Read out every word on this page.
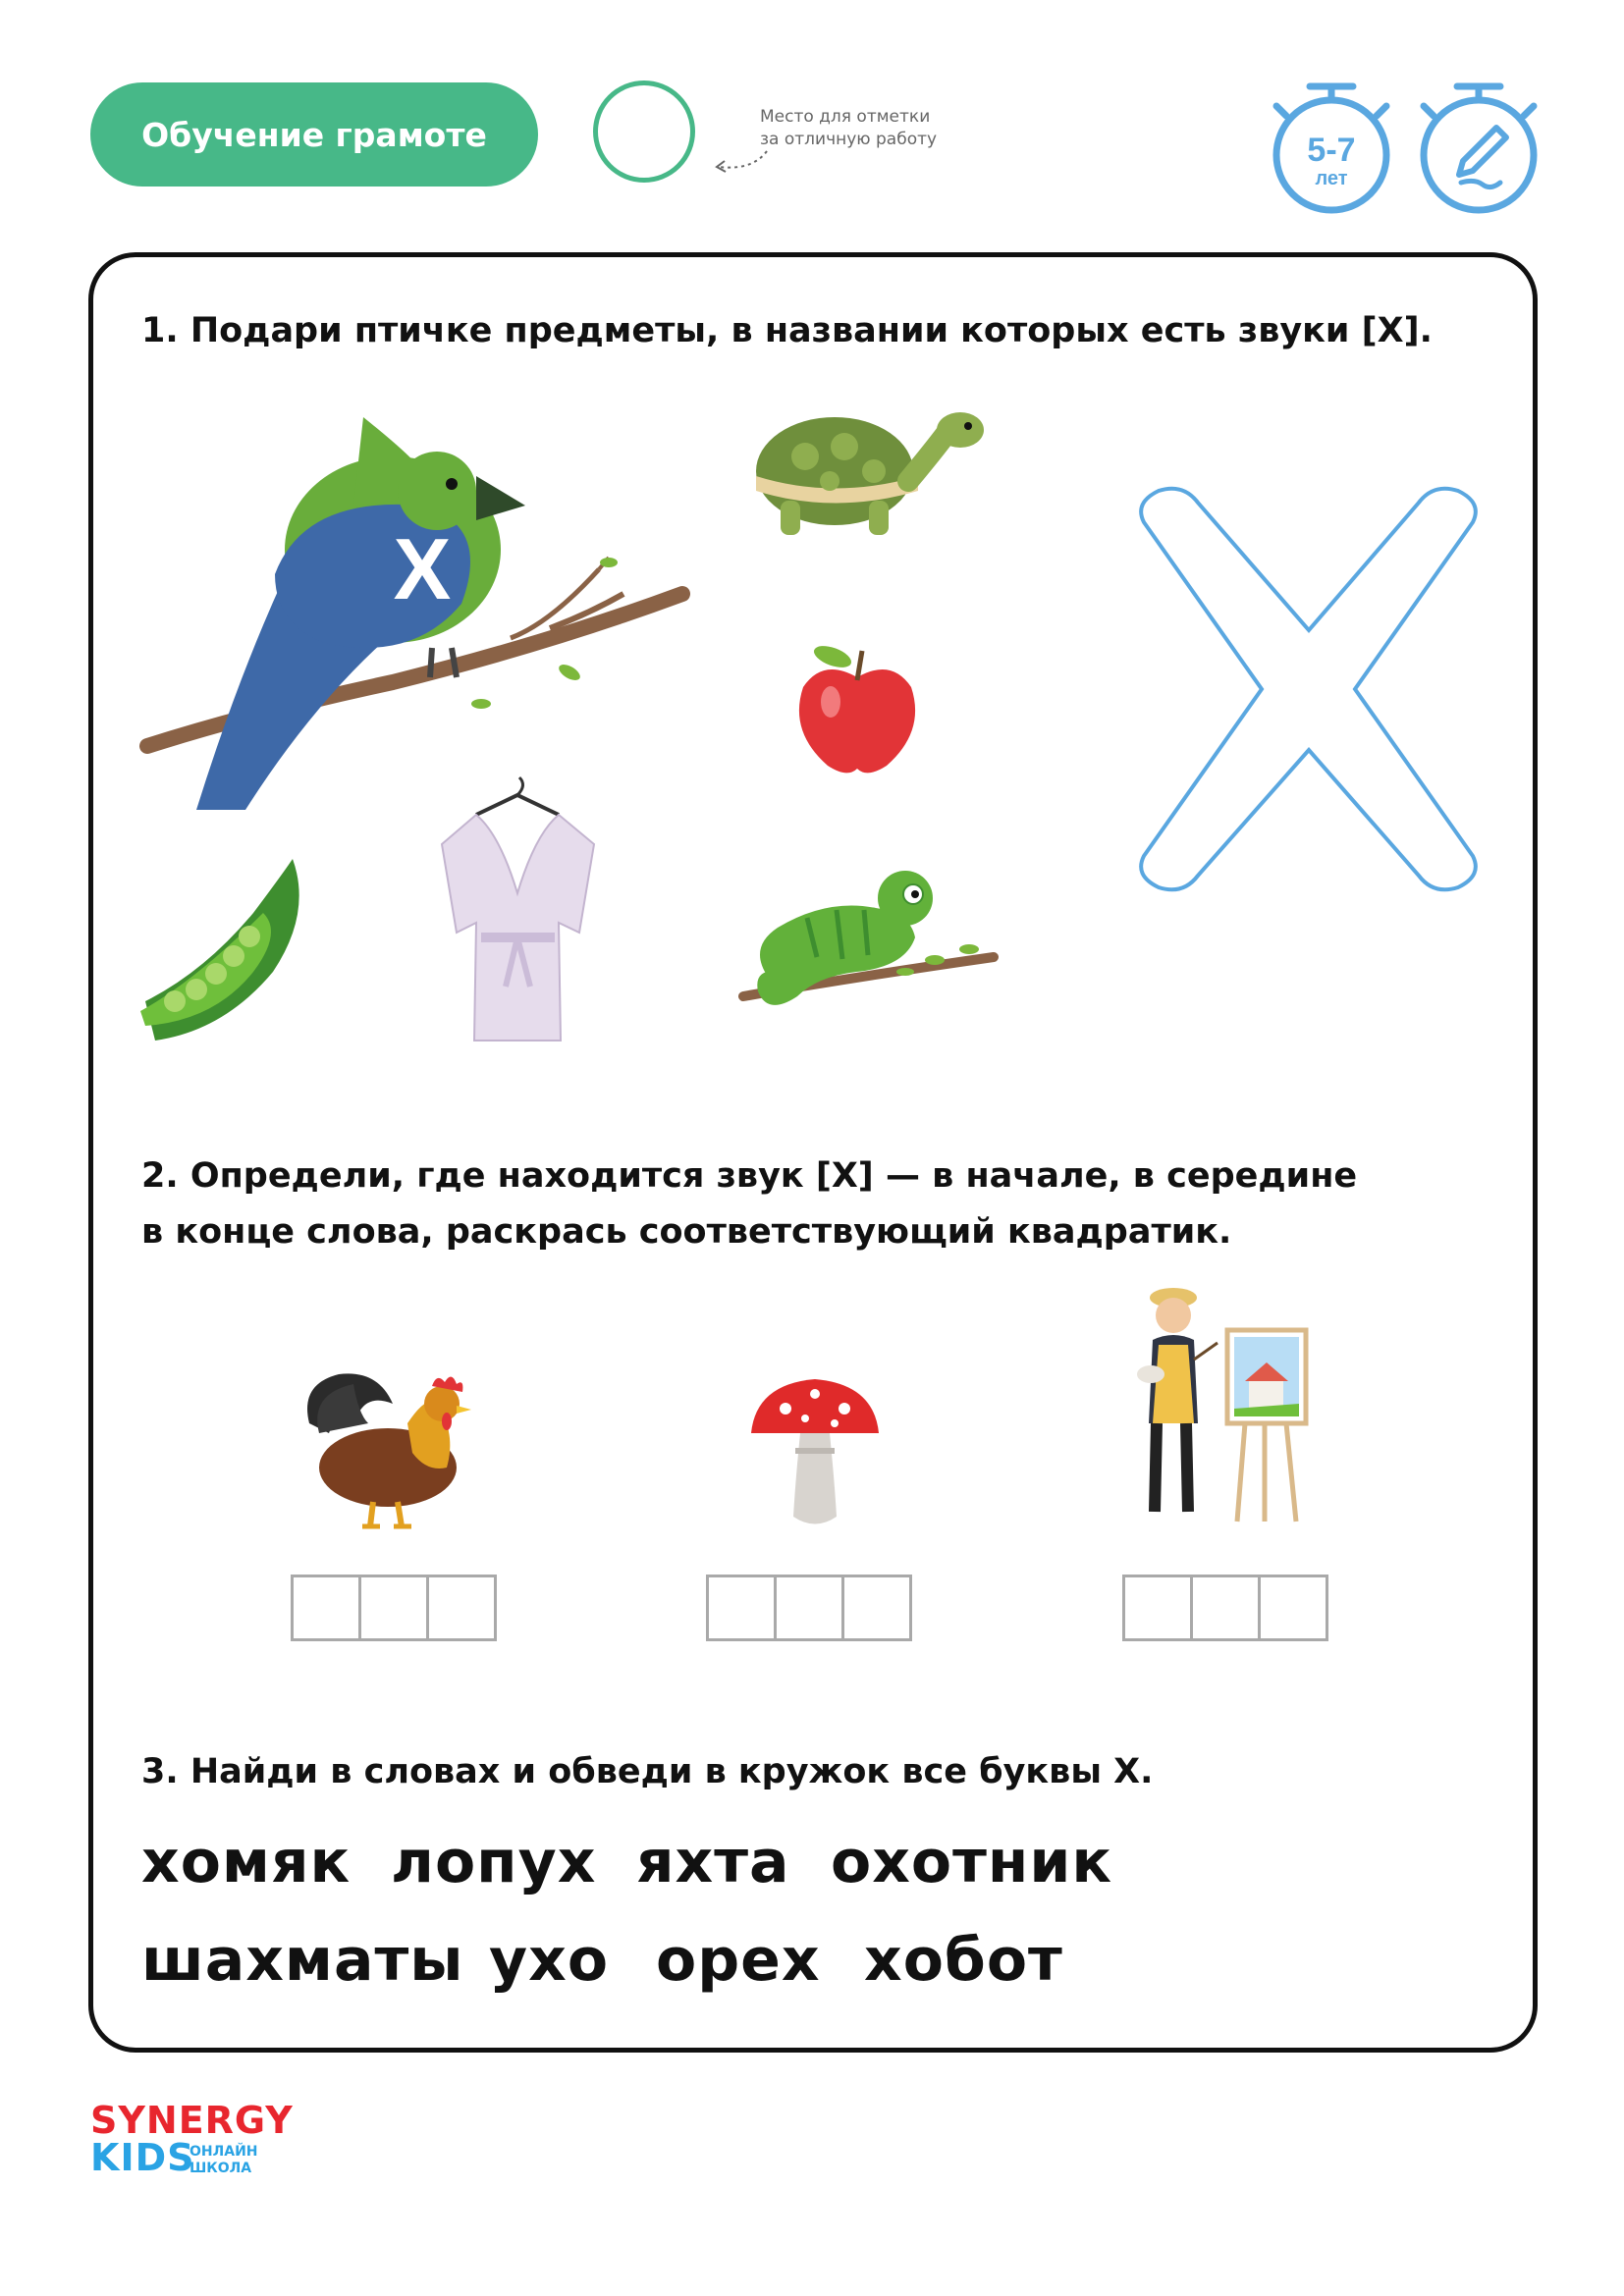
Обучение грамоте	Место для отметки
за отличную работу	5-7
лет
1. Подари птичке предметы, в названии которых есть звуки [Х].
Х
2. Определи, где находится звук [Х] — в начале, в середине
в конце слова, раскрась соответствующий квадратик.
3. Найди в словах и обведи в кружок все буквы Х.
хомяк лопух яхта охотник
шахматы ухо орех хобот
SYNERGY
KIDS
ОНЛАЙН
ШКОЛА
